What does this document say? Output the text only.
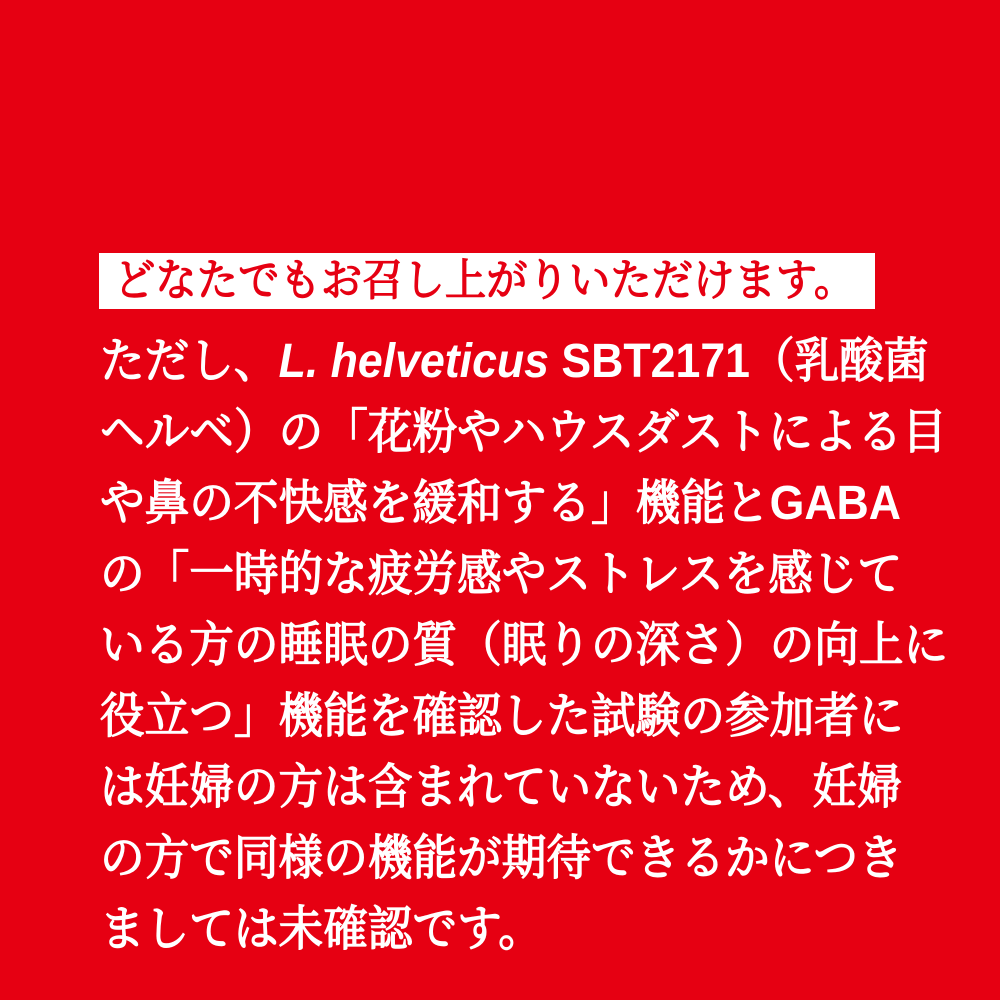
どなたでもお召し上がりいただけます。
ただし、L. helveticus SBT2171（乳酸菌
ヘルベ）の「花粉やハウスダストによる目
や鼻の不快感を緩和する」機能とGABA
の「一時的な疲労感やストレスを感じて
いる方の睡眠の質（眠りの深さ）の向上に
役立つ」機能を確認した試験の参加者に
は妊婦の方は含まれていないため、妊婦
の方で同様の機能が期待できるかにつき
ましては未確認です。
